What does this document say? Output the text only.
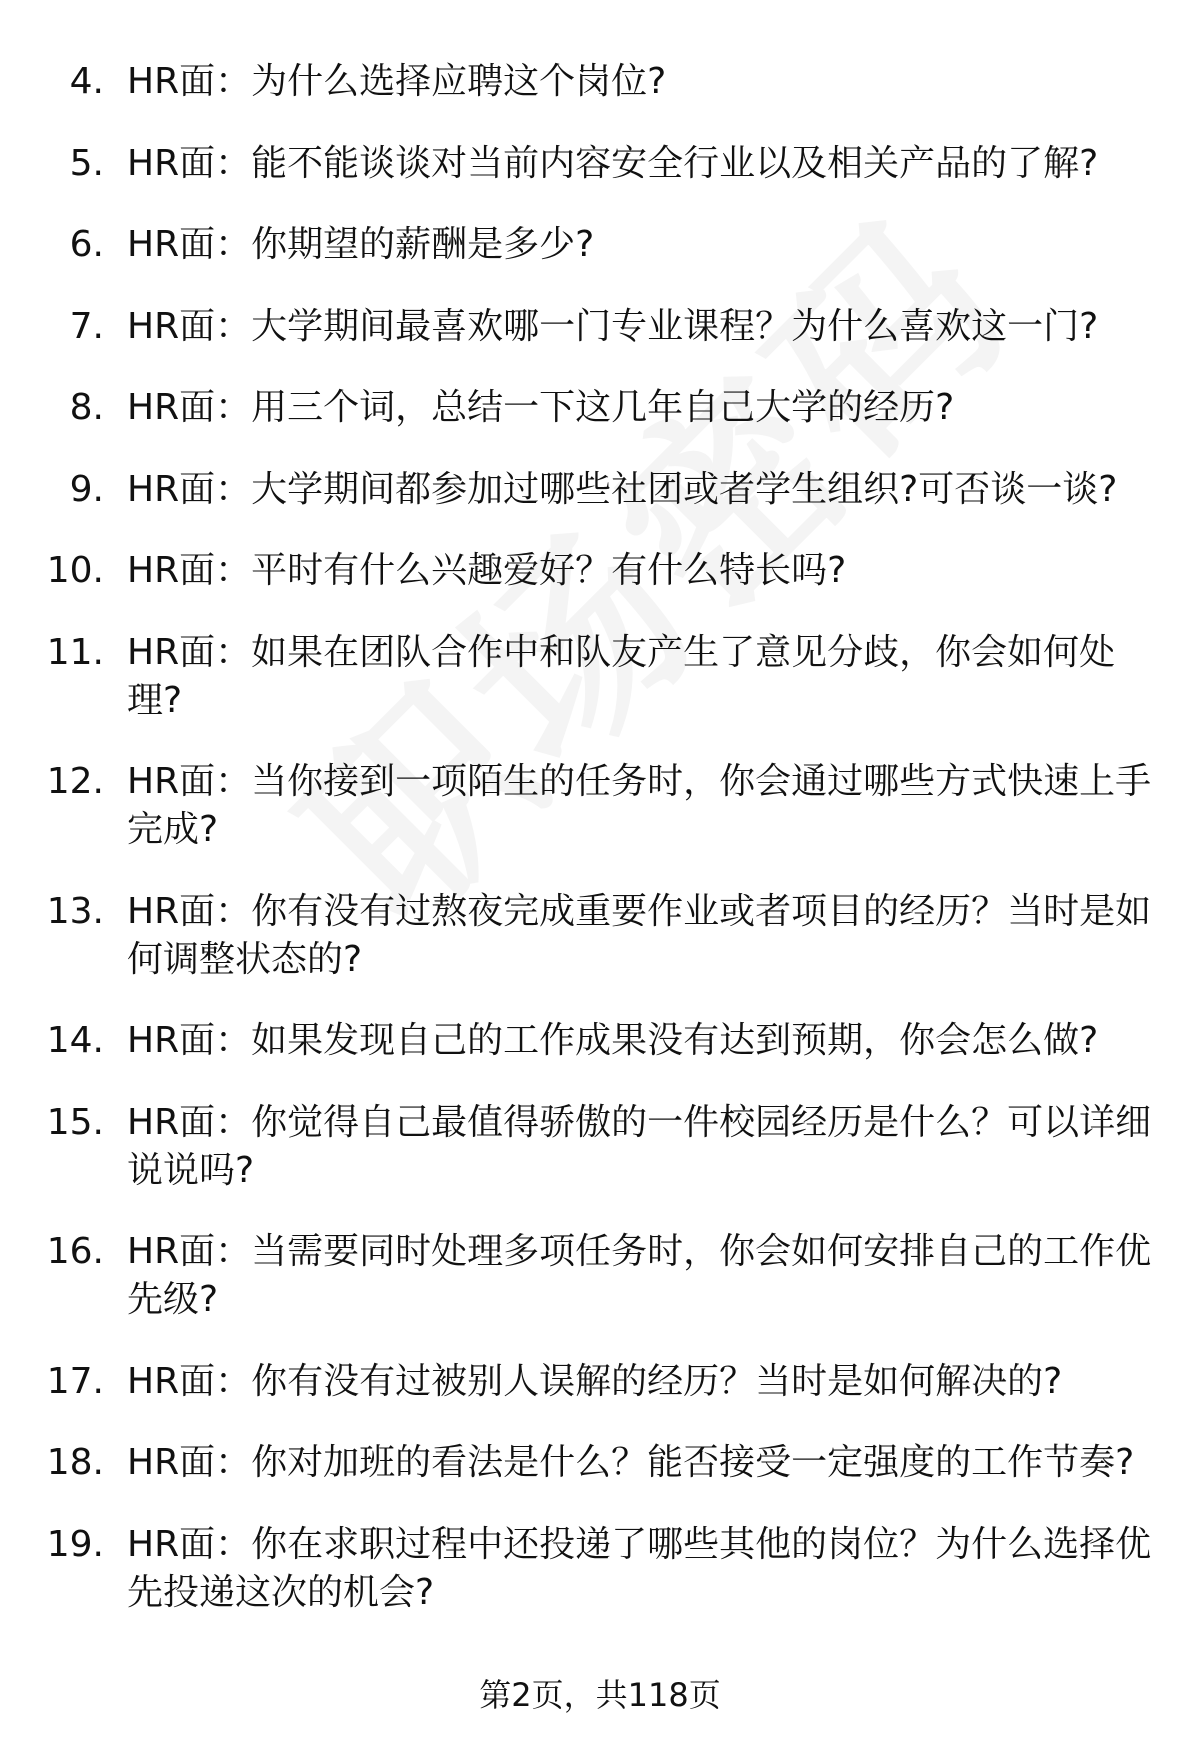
4. HR面：为什么选择应聘这个岗位?
5. HR面：能不能谈谈对当前内容安全行业以及相关产品的了解?
6. HR面：你期望的薪酬是多少?
7. HR面：大学期间最喜欢哪一门专业课程？为什么喜欢这一门?
8. HR面：用三个词，总结一下这几年自己大学的经历?
9. HR面：大学期间都参加过哪些社团或者学生组织?可否谈一谈?
10. HR面：平时有什么兴趣爱好？有什么特长吗?
11. HR面：如果在团队合作中和队友产生了意见分歧，你会如何处理?
12. HR面：当你接到一项陌生的任务时，你会通过哪些方式快速上手完成?
13. HR面：你有没有过熬夜完成重要作业或者项目的经历？当时是如何调整状态的?
14. HR面：如果发现自己的工作成果没有达到预期，你会怎么做?
15. HR面：你觉得自己最值得骄傲的一件校园经历是什么？可以详细说说吗?
16. HR面：当需要同时处理多项任务时，你会如何安排自己的工作优先级?
17. HR面：你有没有过被别人误解的经历？当时是如何解决的?
18. HR面：你对加班的看法是什么？能否接受一定强度的工作节奏?
19. HR面：你在求职过程中还投递了哪些其他的岗位？为什么选择优先投递这次的机会?
第2页，共118页
